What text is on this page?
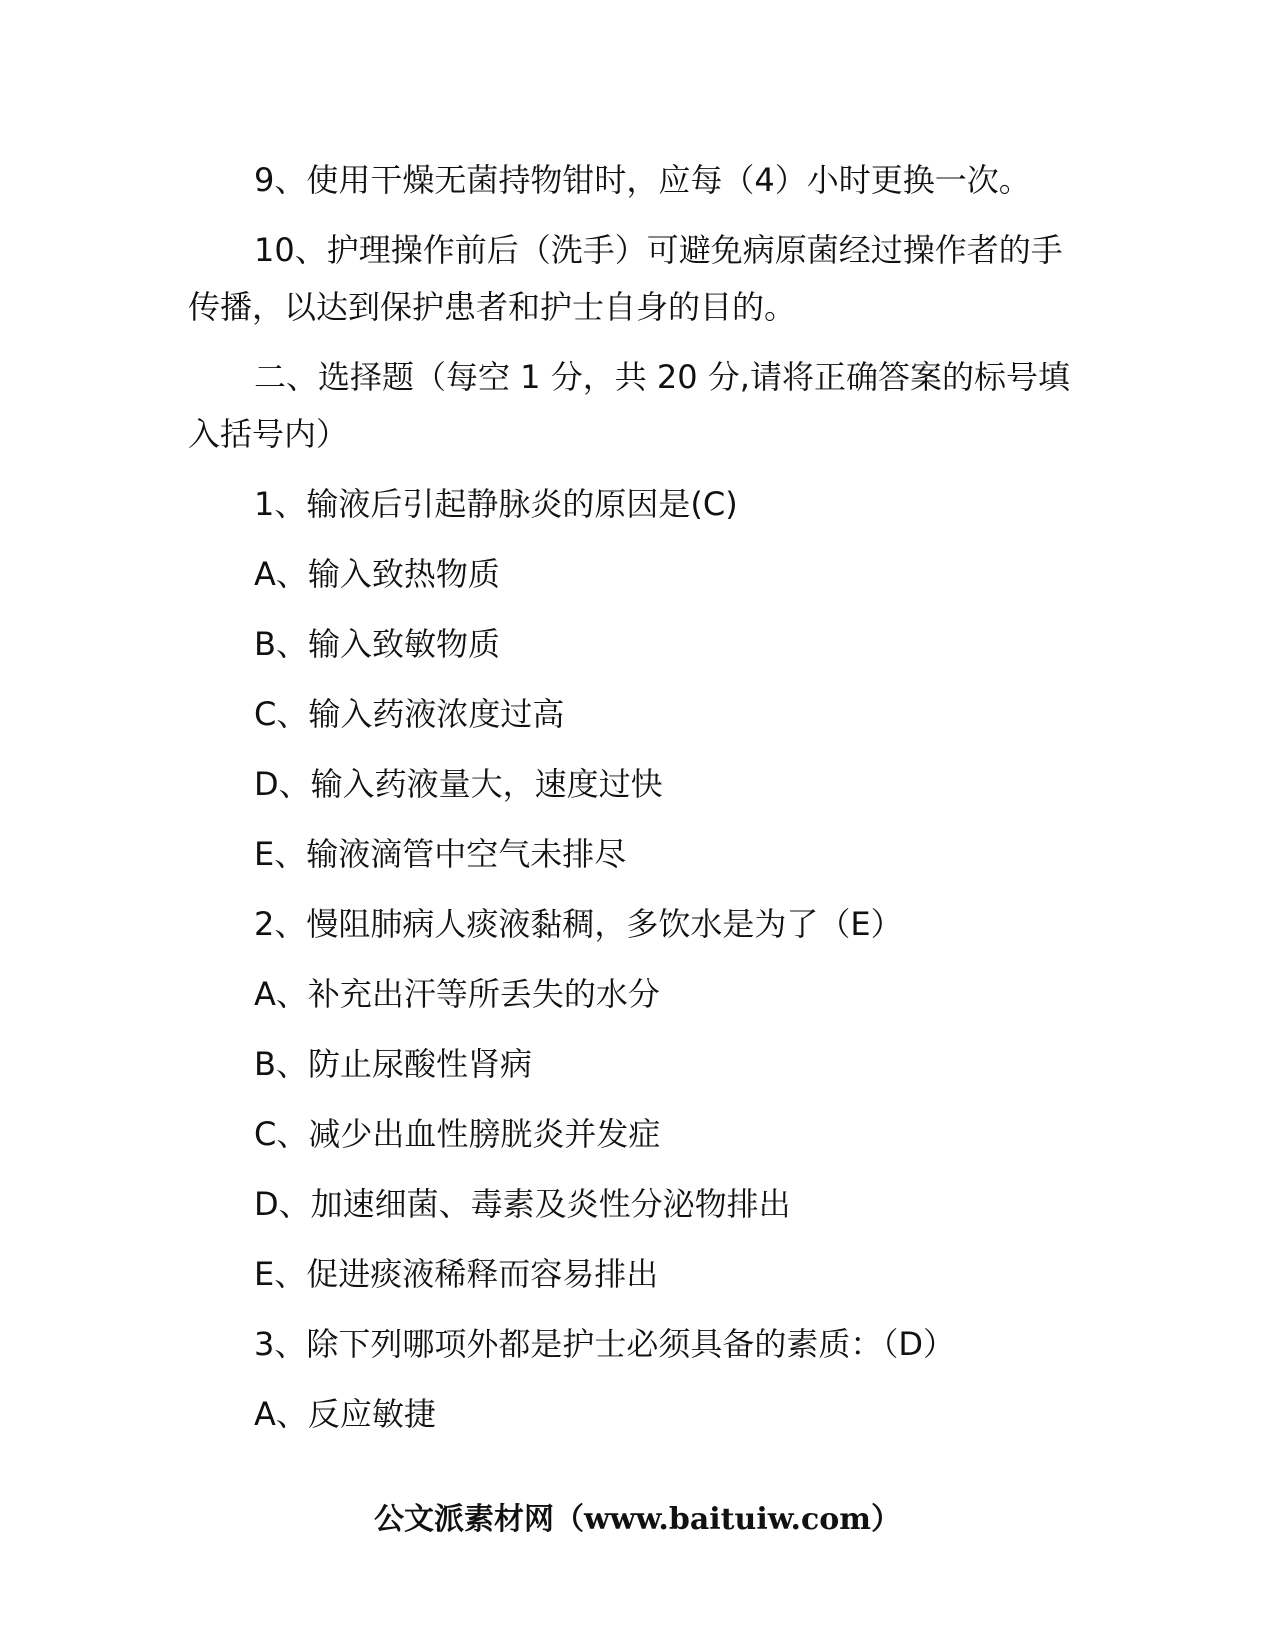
9、使用干燥无菌持物钳时，应每（4）小时更换一次。

10、护理操作前后（洗手）可避免病原菌经过操作者的手传播，以达到保护患者和护士自身的目的。

二、选择题（每空 1 分，共 20 分,请将正确答案的标号填入括号内）

1、输液后引起静脉炎的原因是(C)

A、输入致热物质

B、输入致敏物质

C、输入药液浓度过高

D、输入药液量大，速度过快

E、输液滴管中空气未排尽

2、慢阻肺病人痰液黏稠，多饮水是为了（E）

A、补充出汗等所丢失的水分

B、防止尿酸性肾病

C、减少出血性膀胱炎并发症

D、加速细菌、毒素及炎性分泌物排出

E、促进痰液稀释而容易排出

3、除下列哪项外都是护士必须具备的素质：（D）

A、反应敏捷

公文派素材网（www.baituiw.com）
